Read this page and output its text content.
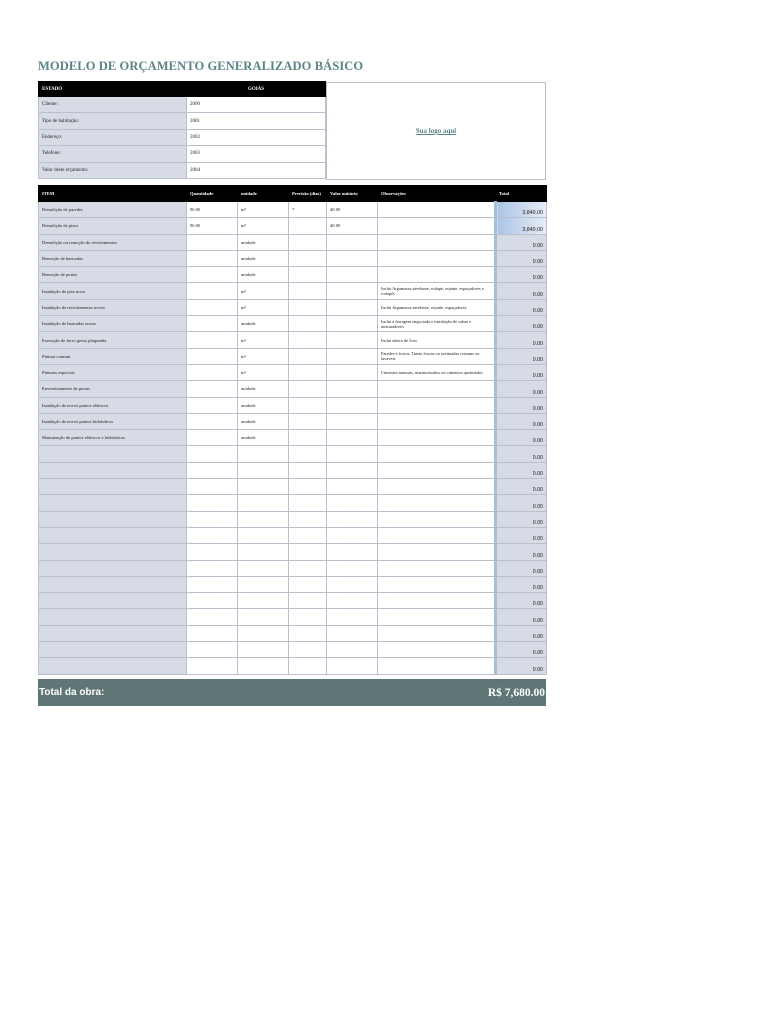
MODELO DE ORÇAMENTO GENERALIZADO BÁSICO
ESTADO	GOIÁS
Cliente:	2000
Tipo de habitação:	2001
Endereço:	2002
Telefone:	2003
Valor deste orçamento:	2004
Sua logo aqui
ITEM	Quantidade	unidade	Previsão (dias)	Valor unitário	Observações	Total
Demolição de paredes	96.00	m²	7	40.00		3,840.00
Demolição de pisos	96.00	m²		40.00		3,840.00
Demolição ou remoção de revestimentos		unidade				0.00
Remoção de bancadas		unidade				0.00
Remoção de portas		unidade				0.00
Instalação de piso novo		m²			Inclui Argamassa nivelante, rodapé, rejunte, espaçadores e rodapés	0.00
Instalação de revestimentos novos		m²			Inclui Argamassa nivelante, rejunte, espaçadores	0.00
Instalação de bancadas novas		unidade			Inclui a ferragem negociada e instalação de cubas e misturadores	0.00
Execução de forro gesso plaquinha		m²			Inclui tabica de 5cm	0.00
Pintura comum		m²			Paredes e forros. Tintas foscas ou acetinadas comuns ou lavaveis	0.00
Pinturas especiais		m²			Cimentos naturais, marmorizados ou cimentos queimados	0.00
Envernizamento de portas		unidade				0.00
Instalação de novos pontos elétricos		unidade				0.00
Instalação de novos pontos hidráulicos		unidade				0.00
Manutenção de pontos elétricos e hidráulicos		unidade				0.00
						0.00
						0.00
						0.00
						0.00
						0.00
						0.00
						0.00
						0.00
						0.00
						0.00
						0.00
						0.00
						0.00
						0.00
Total da obra:	R$ 7,680.00
